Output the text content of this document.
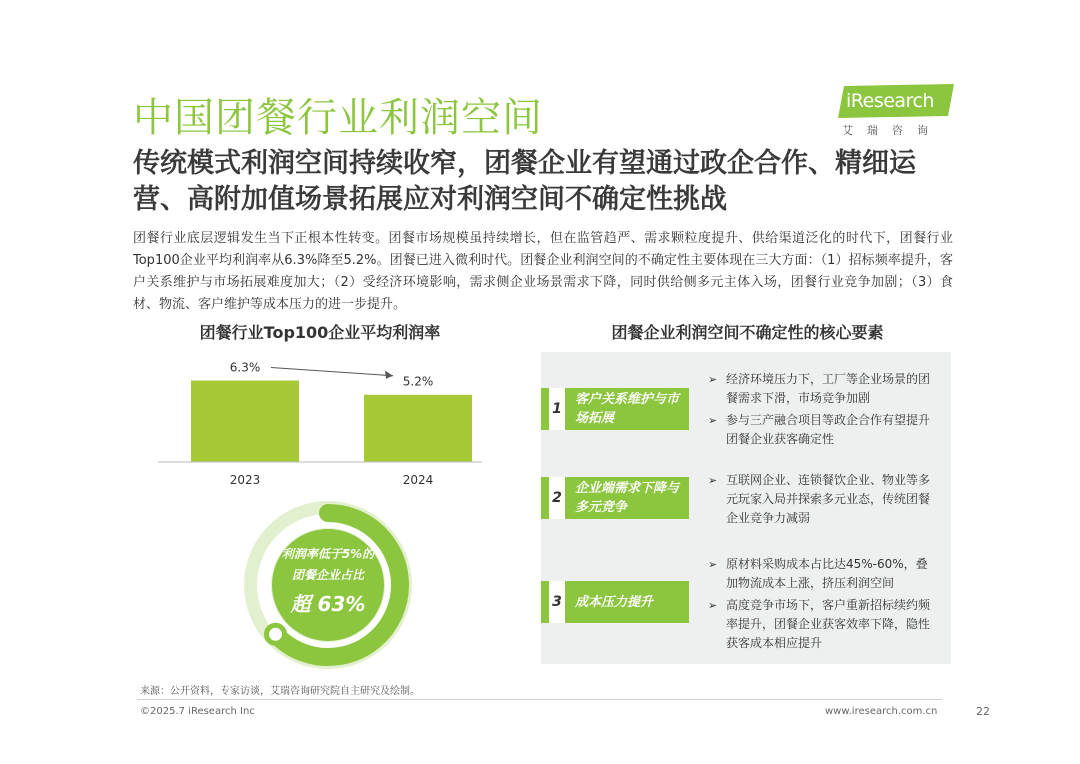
中国团餐行业利润空间	iResearch
艾瑞咨询
传统模式利润空间持续收窄，团餐企业有望通过政企合作、精细运营、高附加值场景拓展应对利润空间不确定性挑战
团餐行业底层逻辑发生当下正根本性转变。团餐市场规模虽持续增长，但在监管趋严、需求颗粒度提升、供给渠道泛化的时代下，团餐行业Top100企业平均利润率从6.3%降至5.2%。团餐已进入微利时代。团餐企业利润空间的不确定性主要体现在三大方面：（1）招标频率提升，客户关系维护与市场拓展难度加大；（2）受经济环境影响，需求侧企业场景需求下降，同时供给侧多元主体入场，团餐行业竞争加剧；（3）食材、物流、客户维护等成本压力的进一步提升。
团餐行业Top100企业平均利润率	团餐企业利润空间不确定性的核心要素
6.3%
2023
5.2%
2024
利润率低于5%的
团餐企业占比
超 63%
1
客户关系维护与市场拓展
➢ 经济环境压力下，工厂等企业场景的团餐需求下滑，市场竞争加剧
➢ 参与三产融合项目等政企合作有望提升团餐企业获客确定性
2
企业端需求下降与多元竞争
➢ 互联网企业、连锁餐饮企业、物业等多元玩家入局并探索多元业态，传统团餐企业竞争力减弱
3 成本压力提升
➢ 原材料采购成本占比达45%-60%，叠加物流成本上涨，挤压利润空间
➢ 高度竞争市场下，客户重新招标续约频率提升，团餐企业获客效率下降，隐性获客成本相应提升
来源：公开资料，专家访谈，艾瑞咨询研究院自主研究及绘制。
©2025.7 iResearch Inc	www.iresearch.com.cn	22
